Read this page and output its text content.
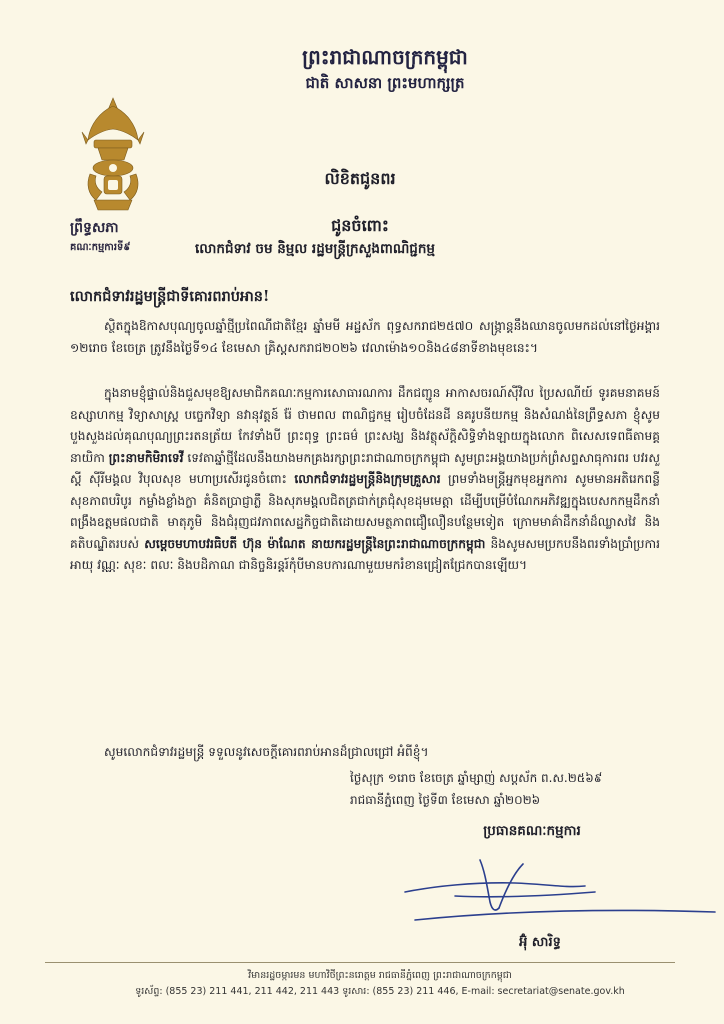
ព្រះរាជាណាចក្រកម្ពុជា
ជាតិ សាសនា ព្រះមហាក្សត្រ
ព្រឹទ្ធសភា
គណៈកម្មការទី៩
លិខិតជូនពរ
ជូនចំពោះ
លោកជំទាវ ចម និម្មល រដ្ឋមន្ត្រីក្រសួងពាណិជ្ជកម្ម
លោកជំទាវរដ្ឋមន្ត្រីជាទីគោរពរាប់អាន!

ស្ថិតក្នុងឱកាសបុណ្យចូលឆ្នាំថ្មីប្រពៃណីជាតិខ្មែរ ឆ្នាំមមី អដ្ឋស័ក ពុទ្ធសករាជ២៥៧០ សង្ក្រាន្តនឹងឈានចូលមកដល់នៅថ្ងៃអង្គារ ១២រោច ខែចេត្រ ត្រូវនឹងថ្ងៃទី១៤ ខែមេសា គ្រិស្តសករាជ២០២៦ វេលាម៉ោង១០និង៤៨នាទីខាងមុខនេះ។

ក្នុងនាមខ្ញុំផ្ទាល់និងជួសមុខឱ្យសមាជិកគណៈកម្មការសោធារណការ ដឹកជញ្ជូន អាកាសចរណ៍ស៊ីវិល ប្រៃសណីយ៍ ទូរគមនាគមន៍ ឧស្សាហកម្ម វិទ្យាសាស្ត្រ បច្ចេកវិទ្យា នវានុវត្តន៍ រ៉ែ ថាមពល ពាណិជ្ជកម្ម រៀបចំដែនដី នគរូបនីយកម្ម និងសំណង់នៃព្រឹទ្ធសភា ខ្ញុំសូមបួងសួងដល់គុណបុណ្យព្រះរតនត្រ័យ កែវទាំងបី ព្រះពុទ្ធ ព្រះធម៌ ព្រះសង្ឃ និងវត្ថុស័ក្តិសិទ្ធិទាំងឡាយក្នុងលោក ពិសេសទេពធីតាមគ្គនាយិកា ព្រះនាមកិមិរាទេវី ទេវតាឆ្នាំថ្មីដែលនឹងយាងមកគ្រងរក្សាព្រះរាជាណាចក្រកម្ពុជា សូមព្រះអង្គយាងប្រក់ព្រំសព្ទសាធុការពរ បវរសួស្តី ស៊ីរីមង្គល វិបុលសុខ មហាប្រសើរជូនចំពោះ លោកជំទាវរដ្ឋមន្ត្រីនិងក្រុមគ្រួសារ ព្រមទាំងមន្ត្រីអ្នកមុខអ្នកការ សូមមានអតិរេកពន្លឺ សុខភាពបរិបូរ កម្លាំងខ្លាំងក្លា គំនិតប្រាជ្ញាភ្លឺ និងសុភមង្គលជិតត្រជាក់ត្រជុំសុខដុមមេត្តា ដើម្បីបម្រើបំណែកអភិវឌ្ឍក្នុងបេសកកម្មដឹកនាំពង្រឹងឧត្តមផលជាតិ មាតុភូមិ និងជំរុញជវភាពសេដ្ឋកិច្ចជាតិដោយសមត្ថភាពជឿលឿនបន្ថែមទៀត ក្រោមមាគ៌ាដឹកនាំដ៏ឈ្លាសវៃ និងគតិបណ្ឌិតរបស់ សម្តេចមហាបវរធិបតី ហ៊ុន ម៉ាណែត នាយករដ្ឋមន្ត្រីនៃព្រះរាជាណាចក្រកម្ពុជា និងសូមសមប្រកបនឹងពរទាំងប្រាំប្រការ អាយុ វណ្ណៈ សុខៈ ពលៈ និងបដិភាណ ជានិច្ចនិរន្តរ៍កុំបីមានបការណាមួយមករំខានជ្រៀតជ្រែកបានឡើយ។

សូមលោកជំទាវរដ្ឋមន្ត្រី ទទួលនូវសេចក្តីគោរពរាប់អានដ៏ជ្រាលជ្រៅ អំពីខ្ញុំ។
ថ្ងៃសុក្រ ១រោច ខែចេត្រ ឆ្នាំម្សាញ់ សប្តស័ក ព.ស.២៥៦៩
រាជធានីភ្នំពេញ ថ្ងៃទី៣ ខែមេសា ឆ្នាំ២០២៦
ប្រធានគណៈកម្មការ
អ៊ុំ សារិទ្ធ
វិមានរដ្ឋចម្ការមន មហាវិថីព្រះនរោត្តម រាជធានីភ្នំពេញ ព្រះរាជាណាចក្រកម្ពុជា
ទូរស័ព្ទ: (855 23) 211 441, 211 442, 211 443 ទូរសារ: (855 23) 211 446, E-mail: secretariat@senate.gov.kh
